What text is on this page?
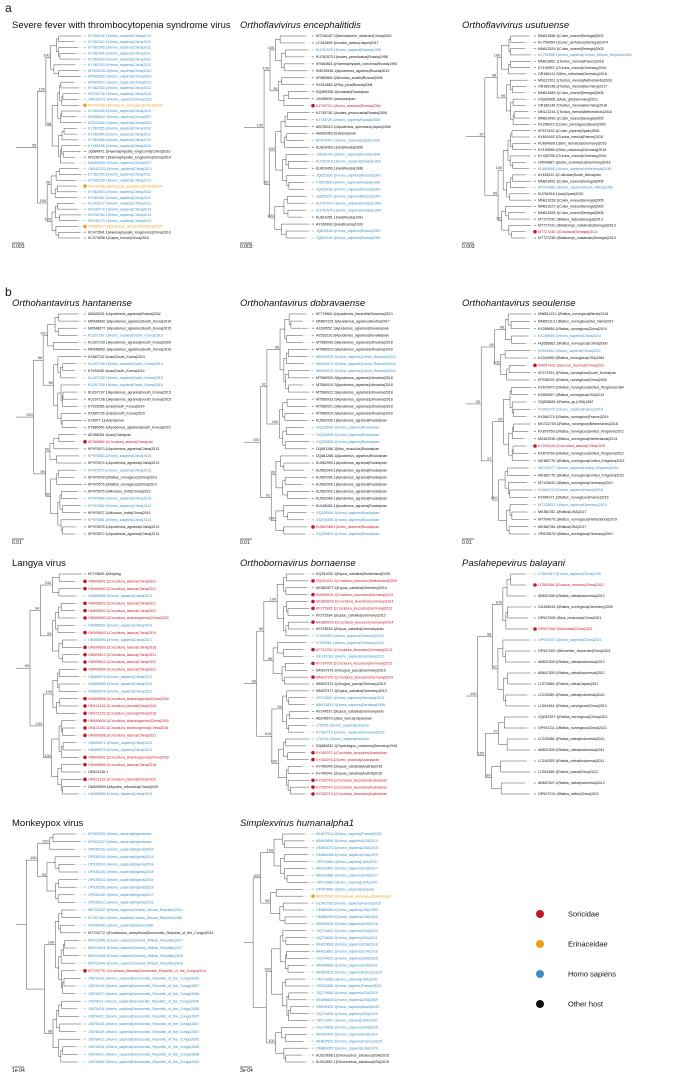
a
b
Severe fever with thrombocytopenia syndrome virus
100
98
100
98
100
100
98
KC505142.1|Homo_sapiens|China|2011
KY362342.1|Homo_sapiens|China|2011
KY362345.1|Homo_sapiens|China|2011
KY362344.1|Homo_sapiens|China|2011
KY362343.1|Homo_sapiens|China|2011
KY362343.1|Homo_sapiens|China|2012
MT005255.1|Homo_sapiens|China|2012
MT005262.1|Homo_sapiens|China|2013
MT005261.1|Homo_sapiens|China|2013
KY362350.1|Homo_sapiens|China|2012
KR230776.1|Homo_sapiens|China|2013
OR915672.1|Homo_sapiens|China|2022
KR230788.1|Erinaceus_europaeus|China|2014
KY362348.1|Homo_sapiens|China|2013
MK356642.1|Homo_sapiens|China|2017
MT022606.1|Homo_sapiens|China|2013
KY362355.1|Homo_sapiens|China|2012
KY362354.1|Homo_sapiens|China|2011
KY362366.1|Homo_sapiens|China|2012
KY965108.1|Homo_sapiens|China|2016
JQ684872.1|Haemaphysalis_longicornis|China|2010
KR230787.1|Haemaphysalis_longicornis|China|2014
MK300645.1|Homo_sapiens|China|2017
OM162220.1|Homo_sapiens|China|2021
KY362345.1|Homo_sapiens|China|2011
KC505133.1|Homo_sapiens|China|2011
KR230786.1|Erinaceus_europaeus|China|2014
KY362363.1|Homo_sapiens|China|2012
KY362361.1|Homo_sapiens|China|2011
KC505127.1|Homo_sapiens|China|2011
KR230772.1|Homo_sapiens|China|2013
KR230784.1|Homo_sapiens|China|2014
KR230773.1|Homo_sapiens|China|2013
OP589917.1|Erinaceus_amurensis|China|2019
KC473541.1|Haemaphysalis_longicornis|China|2010
KC473538.1|Capra_hircus|China|2010
0.003
Orthoflavivirus encephalitidis
100
95
100
100
100
95
100
MT246187.1|Dermacentor_silvarum|China|2019
LC440459.1|Ixodes_ovatus|Japan|2017
KU761576.1|Homo_sapiens|Russia|1998
KU761573.1|Ixodes_persulcatus|Russia|1958
KF880803.1|Haemaphysalis_concinna|Russia|1990
KM019545.1|Apodemus_agrarius|Russia|2010
KF880805.1|Microtus_arvalis|Russia|2008
KX914682.1|Pica_pica|Russia|2008
DQ989336.1|Ixodidae|Russia|nan
JX498939.1|nan|nan|nan
KJ739731.1|Sorex_araneus|Russia|2006
KJ739730.1|Ixodes_persulcatus|Russia|2006
KJ739729.1|Homo_sapiens|Russia|2006
AB753012.1|Apodemus_speciosus|Japan|2008
AB062063.2|nan|nan|nan
MT374407.1|Homo_sapiens|Japan|1990
EU816453.1|nan|Russia|2000
JX828144.1|Homo_sapiens|Russia|1998
KU761579.1|Homo_sapiens|Russia|1999
EU816450.1|nan|Russia|1986
JQ825160.1|Homo_sapiens|Russia|1999
FJ997899.1|Homo_sapiens|Russia|1990
JQ825158.1|Homo_sapiens|Russia|1999
JQ825157.1|Homo_sapiens|Russia|1997
KU761574.1|Homo_sapiens|Russia|1958
KU761575.1|Homo_sapiens|Russia|1958
EU816451.1|nan|Russia|1991
AY169390.2|nan|Russia|1939
JQ825148.1|Homo_sapiens|Russia|1992
JQ825146.1|Homo_sapiens|Russia|1994
0.003
Orthoflavivirus usutuense
100
99
98
100
99
99
97
MN813488.1|Culex_neavei|Senegal|2003
KC754954.1|Culex_perfuscus|Senegal|1974
MN813329.1|Culex_neavei|Senegal|2003
KC754955.1|Homo_sapiens|Central_African_Republic|1981
MN813862.1|Turdus_merula|France|2018
KY199557.1|Turdus_merula|Germany|2016
OR166141.2|Strix_nebulosa|Germany|2016
MN122201.1|Turdus_merula|Netherlands|2016
OR166148.2|Turdus_merula|Germany|2017
MN813489.1|Culex_neavei|Senegal|2005
OQ839906.1|Aulo_glis|Germany|2021
OR166148.2|Turdus_merula|Germany|2018
MN122244.1|Turdus_merula|Netherlands|2018
MN813490.1|Culex_neavei|Senegal|2005
KX258472.1|Culex_perexiguus|Spain|2009
KF573410.1|Culex_pipiens|Spain|2006
KX601692.1|Turdus_merula|France|2015
KU664606.1|Strix_nebulosa|Germany|2016
KY199556.1|Strix_nebulosa|Germany|2016
KY426758.1|Turdus_merula|Germany|2016
LR699887.1|Bubo_scandiacus|Germany|2016
KU664608.1|Homo_sapiens|Netherlands|2016
AY453412.1|Culicidae|South_Africa|nan
MN813492.1|Culex_neavei|Senegal|2005
MT374485.1|Homo_sapiens|South_Africa|1959
KU760915.1|nan|Spain|2010
MN813228.1|Culex_neavei|Senegal|2005
MN813227.1|Culex_neavei|Senegal|2005
MN813493.1|Culex_neavei|Senegal|2005
MT727242.1|Rattus_rattus|Senegal|2013
MT727241.1|Mastomys_natalensis|Senegal|2013
MT727240.1|Crocidura|Senegal|2013
MT727238.1|Mastomys_natalensis|Senegal|2013
0.003
Orthohantavirus hantanense
100
98
86
90
88
99
100
AB620031.1|Apodemus_agrarius|Russia|2002
MK548690.1|Apodemus_agrarius|South_Korea|2016
MK548677.1|Apodemus_agrarius|South_Korea|2015
KU207207.1|Homo_sapiens|South_Korea|2015
KU207193.1|Apodemus_agrarius|South_Korea|2009
MK548652.1|Apodemus_agrarius|South_Korea|2016
KX687232.1|nan|South_Korea|2013
KU207208.1|Homo_sapiens|South_Korea|2014
KT933049.1|nan|South_Korea|2014
KU207209.1|Homo_sapiens|South_Korea|2015
KU207205.1|Homo_sapiens|South_Korea|2015
KU207197.1|Apodemus_agrarius|South_Korea|2015
KU207196.1|Apodemus_agrarius|South_Korea|2015
KT933055.1|nan|South_Korea|2014
KX687235.1|nan|South_Korea|2015
KX6077.1|nan|nan|nan
KT885049.1|Apodemus_agrarius|South_Korea|2015
AF288294.1|nan|China|nan
AF288659.1|Crocidura_lasiura|China|nan
KP970573.1|Apodemus_agrarius|China|2013
KP970583.1|Homo_sapiens|China|2013
KP970574.1|Apodemus_agrarius|China|2013
KP970579.1|Homo_sapiens|China|2013
KP970578.1|Rattus_norvegicus|China|2013
KP970576.1|Rattus_norvegicus|China|2013
KP970575.1|Microtus_fortis|China|2013
KP970580.1|Homo_sapiens|China|2013
KP970582.1|Homo_sapiens|China|2013
KP970577.1|Microtus_fortis|China|2013
KP970581.1|Homo_sapiens|China|2013
KP970575.1|Apodemus_agrarius|China|2013
KP970572.1|Apodemus_agrarius|China|2013
0.01
Orthohantavirus dobravaense
95
100
91
89
100
91
100
KF776800.1|Apodemus_flavicollis|Slovenia|2013
MN657225.1|Apodemus_agrarius|Austria|2017
AJ269552.1|Apodemus_agrarius|Slovakia|nan
AY533120.3|Apodemus_agrarius|Slovakia|nan
MT580930.2|Apodemus_agrarius|Lithuania|2018
MT580923.2|Apodemus_agrarius|Lithuania|2018
MK900675.1|Homo_sapiens|Czech_Republic|2011
MK900674.1|Homo_sapiens|Czech_Republic|2012
MK900672.1|Homo_sapiens|Czech_Republic|2011
MT580920.2|Apodemus_agrarius|Lithuania|2018
MT580919.2|Apodemus_agrarius|Lithuania|2018
MT580922.2|Apodemus_agrarius|Lithuania|2018
MT580933.2|Apodemus_agrarius|Lithuania|2018
MT580921.2|Apodemus_agrarius|Lithuania|2018
MT580929.2|Apodemus_agrarius|Lithuania|2018
EU562430.1|Apodemus_agrarius|Russia|nan
GQ205399.1|Homo_sapiens|Russia|nan
GQ205395.1|Homo_sapiens|Russia|nan
GQ205393.1|Homo_sapiens|Russia|nan
DQ681266.1|Mus_musculus|Russia|nan
DQ681266.1|Apodemus_agrarius|Russia|nan
EU562994.1|Apodemus_agrarius|Russia|nan
EU562993.1|Apodemus_agrarius|Russia|nan
EU562991.1|Apodemus_agrarius|Russia|nan
EU562990.1|Apodemus_agrarius|Russia|nan
EU562992.1|Apodemus_agrarius|Russia|nan
EU562989.1|Apodemus_agrarius|Russia|nan
EU188452.1|Apodemus_agrarius|Russia|nan
GQ205396.1|Homo_sapiens|Russia|nan
GQ205398.1|Homo_sapiens|Russia|nan
EU562988.1|Sorex_araneus|Russia|nan
GQ205397.1|Homo_sapiens|Russia|nan
0.01
Orthohantavirus seoulense
98
100
99
95
100
97
92
MW561221.1|Rattus_norvegicus|Benin|2018
MN651113.1|Rattus_norvegicus|Viet_Nam|2007
KX289654.1|Rattus_norvegicus|China|2014
KX289659.1|Homo_sapiens|China|2014
HQ656863.1|Rattus_norvegicus|China|2009
KJ994354.1|Homo_sapiens|China|2013
KJ204950.2|Rattus_norvegicus|USA|1984
KM057423.1|Suncus_murinus|China|2012
KF273791.1|Rattus_norvegicus|South_Korea|nan
EF536376.1|Rattus_norvegicus|China|2005
KX679470.1|Rattus_norvegicus|United_Kingdom|1984
KJ950987.1|Rattus_norvegicus|USA|2013
OQ835584.1|Rattus_sp.|USA|1982
KX064275.1|Homo_sapiens|France|2014
KX064274.1|Rattus_norvegicus|France|2014
MG702739.1|Rattus_norvegicus|Netherlands|2016
KX879769.1|Rattus_norvegicus|United_Kingdom|2012
MZ402938.1|Rattus_norvegicus|Netherlands|2013
KY094126.1|Crocidura_lasiura|China|2015
KX879769.1|Rattus_norvegicus|United_Kingdom|2012
MK360775.1|Rattus_norvegicus|United_Kingdom|2013
MZ243377.1|Homo_sapiens|United_Kingdom|2019
MK360775.1|Rattus_norvegicus|United_Kingdom|2012
MT133632.1|Rattus_norvegicus|Germany|2019
KX064270.1|Homo_sapiens|France|2016
KX064271.1|Rattus_norvegicus|France|2016
MT133633.1|Homo_sapiens|Germany|2019
MK360782.1|Rattus|USA|2017
MT764079.1|Rattus_norvegicus|Netherlands|2019
MK360784.1|Rattus|USA|2017
OP870676.1|Rattus_norvegicus|Germany|2019
0.01
Langya virus
100
99
94
100
100
100
99
KF278639.1|Mojiang
OM099641.1|Crocidura_lasiura|China|2021
OM099640.1|Crocidura_lasiura|China|2021
OM065585.1|Homo_sapiens|China|2021
OM099629.1|Crocidura_lasiura|China|2021
OM099632.1|Crocidura_lasiura|China|2021
OM099630.1|Crocidura_shantungensis|China|2020
OM065587.1|Homo_sapiens|China|2019
OM099643.1|Crocidura_lasiura|China|2019
OM065595.1|Homo_sapiens|China|2021
OM099639.1|Crocidura_lasiura|China|2018
OM099612.1|Crocidura_lasiura|China|2021
OM099610.1|Crocidura_lasiura|China|2021
OM099604.1|Crocidura_lasiura|China|2021
OM065576.1|Homo_sapiens|China|2021
OM065589.1|Homo_sapiens|China|2019
OM065574.1|Homo_sapiens|China|2021
OM099606.1|Crocidura_shantungensis|China|2018
OM101126.1|Crocidura_lasiura|China|2018
OM101125.1|Crocidura_lasiura|China|2018
OM099604.1|Crocidura_shantungensis|China|2018
OM101130.1|Crocidura_shantungensis|China|2018
OM099638.1|Crocidura_lasiura|China|2021
OM099571.1|Homo_sapiens|China|2020
OM065573.1|Homo_sapiens|China|2021
OM099601.1|Crocidura_shantungensis|China|2018
OM099665.1|Crocidura_lasiura|China|2018
OM101130.1
OM101129.1|Crocidura_lasiura|China|2020
OM099599.1|Myodes_rufocanus|China|2019
OM065590.1|Homo_sapiens|China|2019
Orthobornavirus bornaense
100
99
96
94
100
100
98
DQ251042.1|Equus_caballus|Switzerland|2005
DQ251041.1|Crocidura_leucodon|Switzerland|2005
MG800677.1|Equus_caballus|Germany|2014
KM349619.1|Crocidura_leucodon|Germany|2013
MG800678.1|Crocidura_leucodon|Germany|2014
KF275185.1|Crocidura_leucodon|Germany|2012
KF275184.1|Equus_caballus|Germany|2012
MG800676.1|Crocidura_leucodon|Germany|2014
AY374533.1|Equus_caballus|Germany|nan
LT991983.1|Homo_sapiens|Germany|2018
LT991981.1|Homo_sapiens|Germany|2018
KF724702.1|Crocidura_leucodon|Germany|2013
OK142783.1|Homo_sapiens|Germany|2021
KF724705.1|Crocidura_leucodon|Germany|2013
MN937374.1|Vicugna_pacos|Germany|2019
MN937375.1|Crocidura_leucodon|Germany|2019
MN937373.1|Vicugna_pacos|Germany|2019
MN937377.1|Equus_caballus|Germany|2019
LR722645.1|Homo_sapiens|Germany|2019
MN974829.1|Homo_sapiens|Germany|1996
AY374537.2|Equus_caballus|Germany|nan
AB246670.1|Bos_taurus|Japan|nan
L76235.1|Homo_sapiens|nan|nan
KY982714.1|Homo_sapiens|Germany|2016
L76234.1|Homo_sapiens|nan|nan
DQ680832.1|Oryctolagus_cuniculus|Germany|1948
KY002077.1|Crocidura_leucodon|Austria|nan
KY002076.1|Sorex_araneus|Austria|nan
KY490040.1|Equus_caballus|Austria|2016
KY490041.1|Equus_caballus|Austria|2016
KY002078.1|Crocidura_leucodon|Austria|nan
KY002074.1|Crocidura_leucodon|Austria|nan
KY002073.1|Crocidura_leucodon|Austria|nan
Paslahepevirus balayani
100
97
98
97
89
100
100
LC549187.1|Homo_sapiens|China|2015
LC549186.1|Suncus_murinus|China|2012
AB847308.1|Rattus_rattus|Indonesia|2012
GU345043.1|Rattus_norvegicus|Germany|2009
OP947208.1|Mus_musculus|China|2021
OP947206.1|Soricidae|China|2021
OP947207.1|Homo_sapiens|China|2021
OP947209.1|Niviventer_niviventer|China|2021
AB847309.1|Rattus_rattus|Indonesia|2012
AB847305.1|Rattus_rattus|Indonesia|2012
LC573646.1|Rattus_rattus|Japan|2017
LC225389.1|Rattus_rattus|Indonesia|2010
LC549184.1|Rattus_norvegicus|China|2013
OQ087397.1|Rattus_norvegicus|China|2021
OP947211.1|Rattus_norvegicus|China|2021
LC225388.1|Rattus_rattus|Indonesia|2010
AB847305.1|Rattus_rattus|Indonesia|2011
LC145325.1|Rattus_rattus|Indonesia|2011
LC549185.1|Rattus_losea|China|2012
AB847307.1|Rattus_rattus|Indonesia|2012
OP947210.1|Rattus_rattus|China|2021
Monkeypox virus
100
93
100
100
98
MT903335.1|Homo_sapiens|Nigeria|nan
MT903337.1|Homo_sapiens|Nigeria|nan
OP535316.1|Homo_sapiens|Nigeria|2018
OP535318.1|Homo_sapiens|Nigeria|2018
OP535324.1|Homo_sapiens|Nigeria|2018
OP535326.1|Homo_sapiens|Nigeria|2018
OP535334.1|Homo_sapiens|Nigeria|2018
OP535335.1|Homo_sapiens|Nigeria|2018
OP535340.1|Homo_sapiens|Nigeria|2017
OP535312.1|Homo_sapiens|Nigeria|2018
MK783032.1|Homo_sapiens|Central_African_Republic|2010
KC257460.1|Homo_sapiens|Central_African_Republic|1988
OP490046.1|Homo_sapiens|Gabon|1988
MT724772.1|Funisciurus_anerythrus|Democratic_Republic_of_the_Congo|2014
MN702445.1|Homo_sapiens|Central_African_Republic|2017
MN702444.1|Homo_sapiens|Central_African_Republic|2017
MN702446.1|Homo_sapiens|Central_African_Republic|2016
MN702449.1|Homo_sapiens|Central_African_Republic|2018
MT724770.1|Crocidura_littoralis|Democratic_Republic_of_the_Congo|2014
JX878410.1|Homo_sapiens|Democratic_Republic_of_the_Congo|2006
JX878413.1|Homo_sapiens|Democratic_Republic_of_the_Congo|2007
JX878427.1|Homo_sapiens|Democratic_Republic_of_the_Congo|2006
JX878411.1|Homo_sapiens|Democratic_Republic_of_the_Congo|2006
JX878415.1|Homo_sapiens|Democratic_Republic_of_the_Congo|2008
JX878421.1|Homo_sapiens|Democratic_Republic_of_the_Congo|2007
JX878418.1|Homo_sapiens|Democratic_Republic_of_the_Congo|2007
JX878429.1|Homo_sapiens|Democratic_Republic_of_the_Congo|2007
JX878422.1|Homo_sapiens|Democratic_Republic_of_the_Congo|2006
JX878428.1|Homo_sapiens|Democratic_Republic_of_the_Congo|2006
JX878412.1|Homo_sapiens|Democratic_Republic_of_the_Congo|2008
JX878409.1|Homo_sapiens|Democratic_Republic_of_the_Congo|2005
1e-04
Simplexvirus humanalpha1
100
98
100
100
100
MH697511.1|Homo_sapiens|France|2015
MN999894.1|Homo_sapiens|USA|2014
OM833070.1|Homo_sapiens|USA|2015
OM860058.1|Homo_sapiens|USA|1979
OR711686.1|Homo_sapiens|USA|2020
MH193387.1|Homo_sapiens|USA|2017
MH193386.1|Homo_sapiens|USA|2017
OR711686.1|Homo_sapiens|USA|2020
OP297886.1|Homo_sapiens|nan|nan
MG025937.1|Erinaceus_europaeus|Switzerland
OL542706.1|Homo_sapiens|France|2015
OM860065.1|Homo_sapiens|USA|1990
OM860059.1|Homo_sapiens|USA|2020
MN999839.1|Homo_sapiens|USA|2016
OQ724692.1|Homo_sapiens|USA|2019
OQ724690.1|Homo_sapiens|USA|2011
MH813606.1|Homo_sapiens|USA|2016
MH813661.1|Homo_sapiens|USA|2016
OQ724691.1|Homo_sapiens|USA|2015
MN999889.1|Homo_sapiens|USA|2011
MH697523.1|Homo_sapiens|France|2015
OR711688.1|Homo_sapiens|USA|2020
OR232886.1|Homo_sapiens|France|2021
OQ724689.1|Homo_sapiens|USA|2015
MG698645.1|Homo_sapiens|USA|2009
OR878429.1|Homo_sapiens|Brazil|2020
OQ724695.1|Homo_sapiens|USA|2010
OR711687.1|Homo_sapiens|USA|2020
OQ724696.1|Homo_sapiens|USA|2015
MN999787.1|Homo_sapiens|USA|2010
MH697529.1|Homo_sapiens|France|2015
OM860057.1|Homo_sapiens|USA|1979
KU310658.1|Chlorocebus_sabaeus|USA|2015
KU310657.1|Chlorocebus_sabaeus|USA|2015
3e-04
Soricidae
Erinaceidae
Homo sapiens
Other host
